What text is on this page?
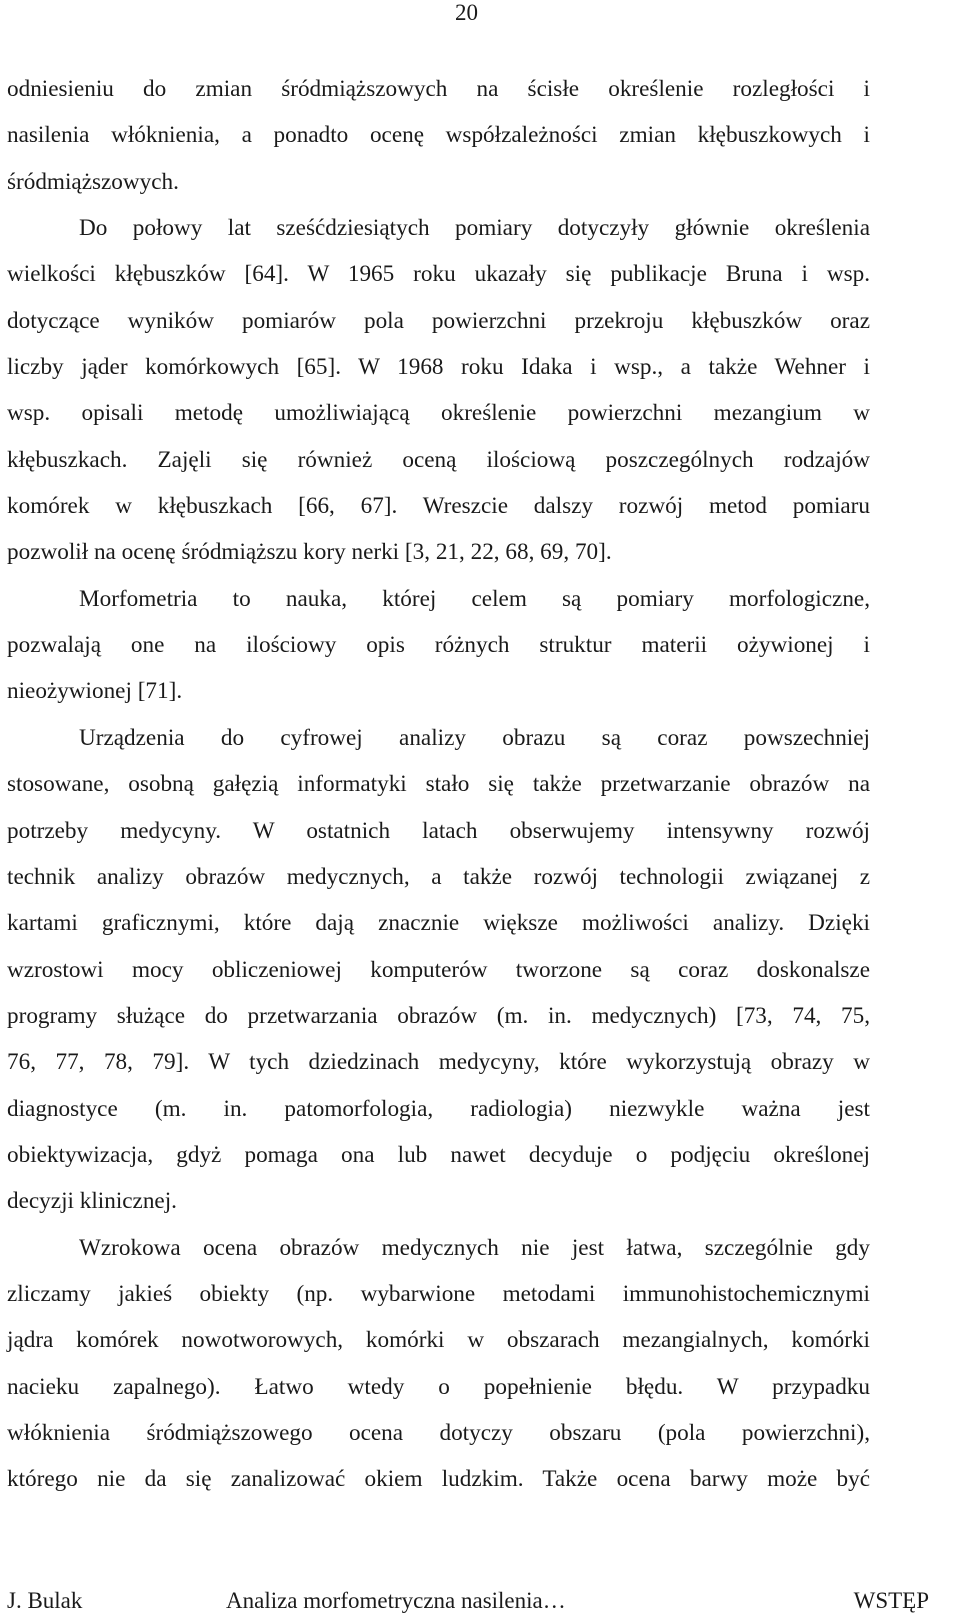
20
odniesieniu do zmian śródmiąższowych na ścisłe określenie rozległości i
nasilenia włóknienia, a ponadto ocenę współzależności zmian kłębuszkowych i
śródmiąższowych.
Do połowy lat sześćdziesiątych pomiary dotyczyły głównie określenia
wielkości kłębuszków [64]. W 1965 roku ukazały się publikacje Bruna i wsp.
dotyczące wyników pomiarów pola powierzchni przekroju kłębuszków oraz
liczby jąder komórkowych [65]. W 1968 roku Idaka i wsp., a także Wehner i
wsp. opisali metodę umożliwiającą określenie powierzchni mezangium w
kłębuszkach. Zajęli się również oceną ilościową poszczególnych rodzajów
komórek w kłębuszkach [66, 67]. Wreszcie dalszy rozwój metod pomiaru
pozwolił na ocenę śródmiąższu kory nerki [3, 21, 22, 68, 69, 70].
Morfometria to nauka, której celem są pomiary morfologiczne,
pozwalają one na ilościowy opis różnych struktur materii ożywionej i
nieożywionej [71].
Urządzenia do cyfrowej analizy obrazu są coraz powszechniej
stosowane, osobną gałęzią informatyki stało się także przetwarzanie obrazów na
potrzeby medycyny. W ostatnich latach obserwujemy intensywny rozwój
technik analizy obrazów medycznych, a także rozwój technologii związanej z
kartami graficznymi, które dają znacznie większe możliwości analizy. Dzięki
wzrostowi mocy obliczeniowej komputerów tworzone są coraz doskonalsze
programy służące do przetwarzania obrazów (m. in. medycznych) [73, 74, 75,
76, 77, 78, 79]. W tych dziedzinach medycyny, które wykorzystują obrazy w
diagnostyce (m. in. patomorfologia, radiologia) niezwykle ważna jest
obiektywizacja, gdyż pomaga ona lub nawet decyduje o podjęciu określonej
decyzji klinicznej.
Wzrokowa ocena obrazów medycznych nie jest łatwa, szczególnie gdy
zliczamy jakieś obiekty (np. wybarwione metodami immunohistochemicznymi
jądra komórek nowotworowych, komórki w obszarach mezangialnych, komórki
nacieku zapalnego). Łatwo wtedy o popełnienie błędu. W przypadku
włóknienia śródmiąższowego ocena dotyczy obszaru (pola powierzchni),
którego nie da się zanalizować okiem ludzkim. Także ocena barwy może być
J. Bulak	Analiza morfometryczna nasilenia…	WSTĘP
